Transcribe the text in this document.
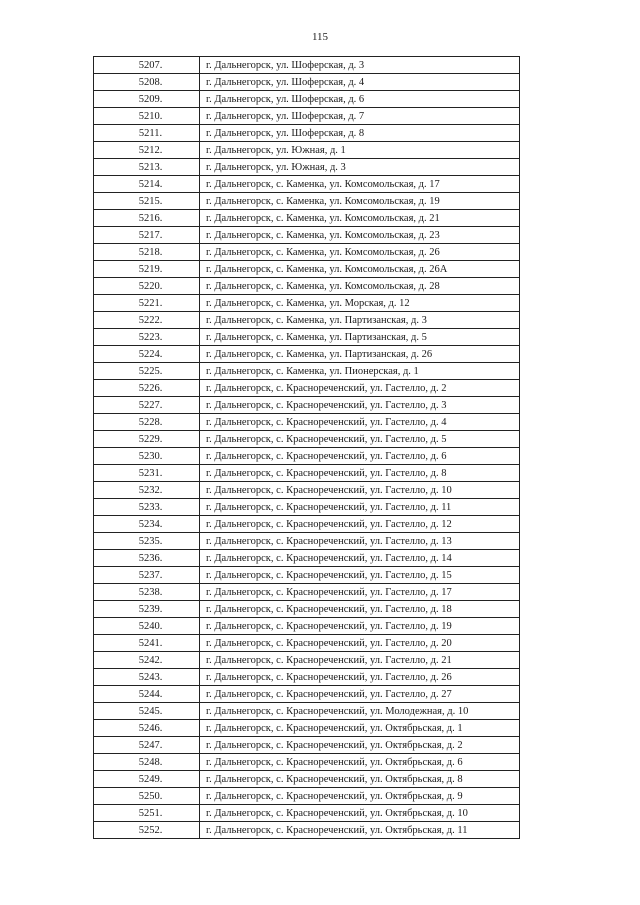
115
5207.	г. Дальнегорск, ул. Шоферская, д. 3
5208.	г. Дальнегорск, ул. Шоферская, д. 4
5209.	г. Дальнегорск, ул. Шоферская, д. 6
5210.	г. Дальнегорск, ул. Шоферская, д. 7
5211.	г. Дальнегорск, ул. Шоферская, д. 8
5212.	г. Дальнегорск, ул. Южная, д. 1
5213.	г. Дальнегорск, ул. Южная, д. 3
5214.	г. Дальнегорск, с. Каменка, ул. Комсомольская, д. 17
5215.	г. Дальнегорск, с. Каменка, ул. Комсомольская, д. 19
5216.	г. Дальнегорск, с. Каменка, ул. Комсомольская, д. 21
5217.	г. Дальнегорск, с. Каменка, ул. Комсомольская, д. 23
5218.	г. Дальнегорск, с. Каменка, ул. Комсомольская, д. 26
5219.	г. Дальнегорск, с. Каменка, ул. Комсомольская, д. 26А
5220.	г. Дальнегорск, с. Каменка, ул. Комсомольская, д. 28
5221.	г. Дальнегорск, с. Каменка, ул. Морская, д. 12
5222.	г. Дальнегорск, с. Каменка, ул. Партизанская, д. 3
5223.	г. Дальнегорск, с. Каменка, ул. Партизанская, д. 5
5224.	г. Дальнегорск, с. Каменка, ул. Партизанская, д. 26
5225.	г. Дальнегорск, с. Каменка, ул. Пионерская, д. 1
5226.	г. Дальнегорск, с. Краснореченский, ул. Гастелло, д. 2
5227.	г. Дальнегорск, с. Краснореченский, ул. Гастелло, д. 3
5228.	г. Дальнегорск, с. Краснореченский, ул. Гастелло, д. 4
5229.	г. Дальнегорск, с. Краснореченский, ул. Гастелло, д. 5
5230.	г. Дальнегорск, с. Краснореченский, ул. Гастелло, д. 6
5231.	г. Дальнегорск, с. Краснореченский, ул. Гастелло, д. 8
5232.	г. Дальнегорск, с. Краснореченский, ул. Гастелло, д. 10
5233.	г. Дальнегорск, с. Краснореченский, ул. Гастелло, д. 11
5234.	г. Дальнегорск, с. Краснореченский, ул. Гастелло, д. 12
5235.	г. Дальнегорск, с. Краснореченский, ул. Гастелло, д. 13
5236.	г. Дальнегорск, с. Краснореченский, ул. Гастелло, д. 14
5237.	г. Дальнегорск, с. Краснореченский, ул. Гастелло, д. 15
5238.	г. Дальнегорск, с. Краснореченский, ул. Гастелло, д. 17
5239.	г. Дальнегорск, с. Краснореченский, ул. Гастелло, д. 18
5240.	г. Дальнегорск, с. Краснореченский, ул. Гастелло, д. 19
5241.	г. Дальнегорск, с. Краснореченский, ул. Гастелло, д. 20
5242.	г. Дальнегорск, с. Краснореченский, ул. Гастелло, д. 21
5243.	г. Дальнегорск, с. Краснореченский, ул. Гастелло, д. 26
5244.	г. Дальнегорск, с. Краснореченский, ул. Гастелло, д. 27
5245.	г. Дальнегорск, с. Краснореченский, ул. Молодежная, д. 10
5246.	г. Дальнегорск, с. Краснореченский, ул. Октябрьская, д. 1
5247.	г. Дальнегорск, с. Краснореченский, ул. Октябрьская, д. 2
5248.	г. Дальнегорск, с. Краснореченский, ул. Октябрьская, д. 6
5249.	г. Дальнегорск, с. Краснореченский, ул. Октябрьская, д. 8
5250.	г. Дальнегорск, с. Краснореченский, ул. Октябрьская, д. 9
5251.	г. Дальнегорск, с. Краснореченский, ул. Октябрьская, д. 10
5252.	г. Дальнегорск, с. Краснореченский, ул. Октябрьская, д. 11
